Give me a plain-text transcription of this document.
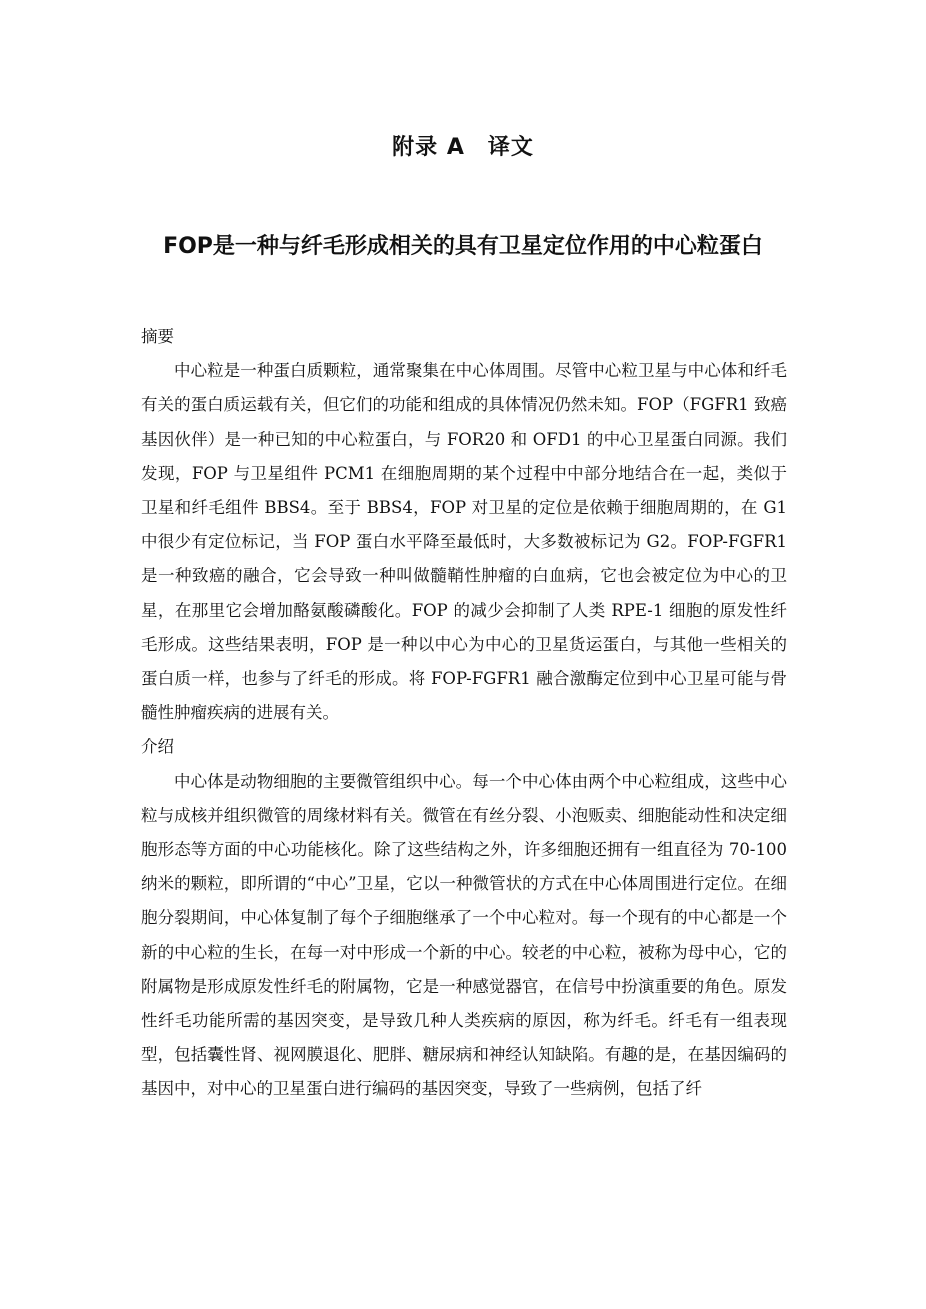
附录 A　译文
FOP是一种与纤毛形成相关的具有卫星定位作用的中心粒蛋白
摘要

中心粒是一种蛋白质颗粒，通常聚集在中心体周围。尽管中心粒卫星与中心体和纤毛有关的蛋白质运载有关，但它们的功能和组成的具体情况仍然未知。FOP（FGFR1 致癌基因伙伴）是一种已知的中心粒蛋白，与 FOR20 和 OFD1 的中心卫星蛋白同源。我们发现，FOP 与卫星组件 PCM1 在细胞周期的某个过程中中部分地结合在一起，类似于卫星和纤毛组件 BBS4。至于 BBS4，FOP 对卫星的定位是依赖于细胞周期的，在 G1 中很少有定位标记，当 FOP 蛋白水平降至最低时，大多数被标记为 G2。FOP-FGFR1 是一种致癌的融合，它会导致一种叫做髓鞘性肿瘤的白血病，它也会被定位为中心的卫星，在那里它会增加酪氨酸磷酸化。FOP 的减少会抑制了人类 RPE-1 细胞的原发性纤毛形成。这些结果表明，FOP 是一种以中心为中心的卫星货运蛋白，与其他一些相关的蛋白质一样，也参与了纤毛的形成。将 FOP-FGFR1 融合激酶定位到中心卫星可能与骨髓性肿瘤疾病的进展有关。

介绍

中心体是动物细胞的主要微管组织中心。每一个中心体由两个中心粒组成，这些中心粒与成核并组织微管的周缘材料有关。微管在有丝分裂、小泡贩卖、细胞能动性和决定细胞形态等方面的中心功能核化。除了这些结构之外，许多细胞还拥有一组直径为 70-100 纳米的颗粒，即所谓的“中心”卫星，它以一种微管状的方式在中心体周围进行定位。在细胞分裂期间，中心体复制了每个子细胞继承了一个中心粒对。每一个现有的中心都是一个新的中心粒的生长，在每一对中形成一个新的中心。较老的中心粒，被称为母中心，它的附属物是形成原发性纤毛的附属物，它是一种感觉器官，在信号中扮演重要的角色。原发性纤毛功能所需的基因突变，是导致几种人类疾病的原因，称为纤毛。纤毛有一组表现型，包括囊性肾、视网膜退化、肥胖、糖尿病和神经认知缺陷。有趣的是，在基因编码的基因中，对中心的卫星蛋白进行编码的基因突变，导致了一些病例，包括了纤
